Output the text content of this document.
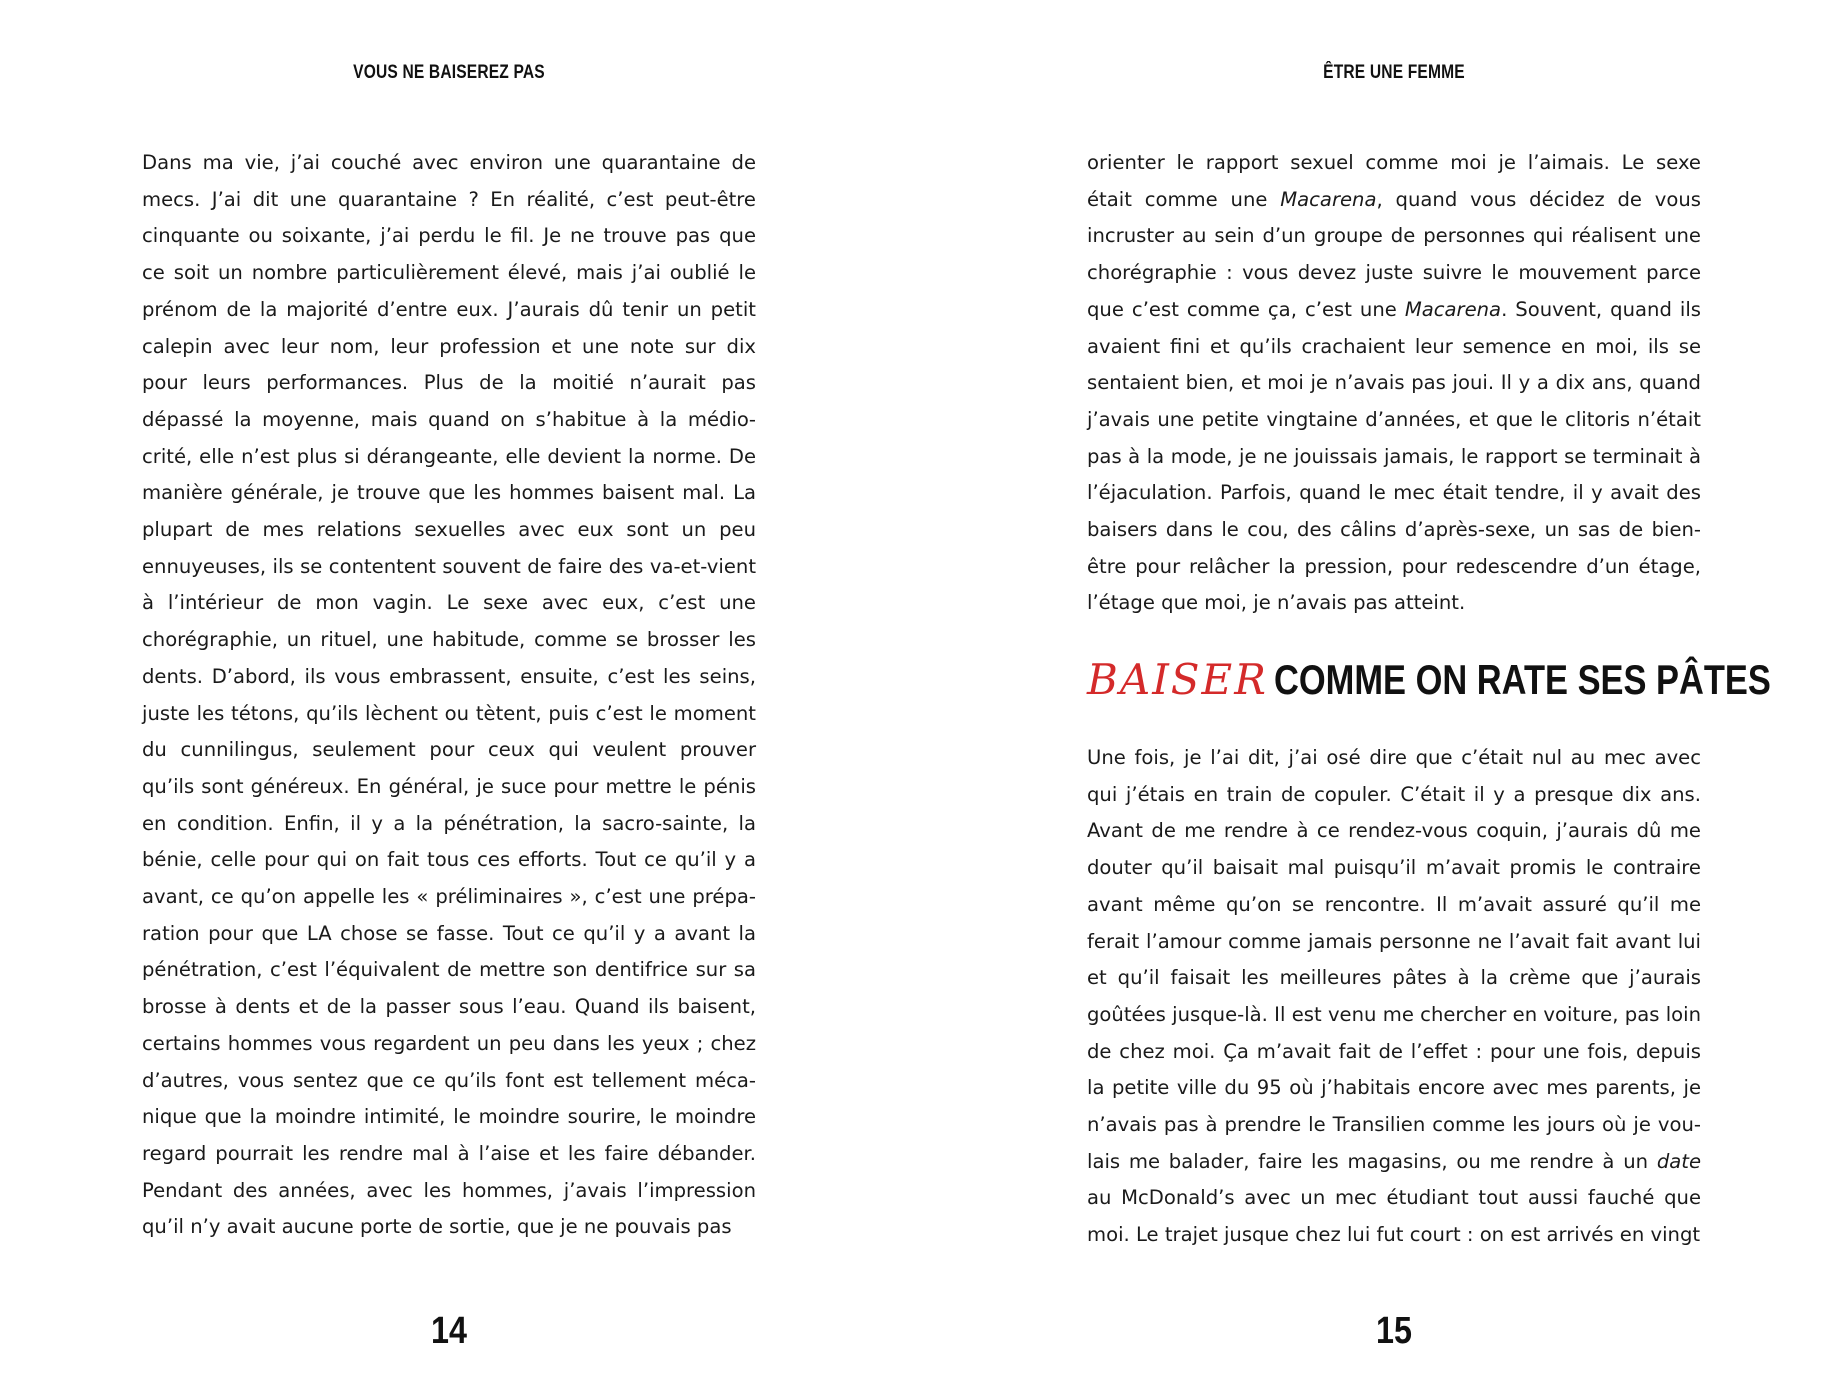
VOUS NE BAISEREZ PAS

Dans ma vie, j’ai couché avec environ une quarantaine de mecs. J’ai dit une quarantaine ? En réalité, c’est peut-être cinquante ou soixante, j’ai perdu le fil. Je ne trouve pas que ce soit un nombre particulièrement élevé, mais j’ai oublié le prénom de la majorité d’entre eux. J’aurais dû tenir un petit calepin avec leur nom, leur profession et une note sur dix pour leurs performances. Plus de la moitié n’aurait pas dépassé la moyenne, mais quand on s’habitue à la médiocrité, elle n’est plus si dérangeante, elle devient la norme. De manière générale, je trouve que les hommes baisent mal. La plupart de mes relations sexuelles avec eux sont un peu ennuyeuses, ils se contentent souvent de faire des va-et-vient à l’intérieur de mon vagin. Le sexe avec eux, c’est une chorégraphie, un rituel, une habitude, comme se brosser les dents. D’abord, ils vous embrassent, ensuite, c’est les seins, juste les tétons, qu’ils lèchent ou tètent, puis c’est le moment du cunnilingus, seulement pour ceux qui veulent prouver qu’ils sont généreux. En général, je suce pour mettre le pénis en condition. Enfin, il y a la pénétration, la sacro-sainte, la bénie, celle pour qui on fait tous ces efforts. Tout ce qu’il y a avant, ce qu’on appelle les « préliminaires », c’est une préparation pour que LA chose se fasse. Tout ce qu’il y a avant la pénétration, c’est l’équivalent de mettre son dentifrice sur sa brosse à dents et de la passer sous l’eau. Quand ils baisent, certains hommes vous regardent un peu dans les yeux ; chez d’autres, vous sentez que ce qu’ils font est tellement mécanique que la moindre intimité, le moindre sourire, le moindre regard pourrait les rendre mal à l’aise et les faire débander. Pendant des années, avec les hommes, j’avais l’impression qu’il n’y avait aucune porte de sortie, que je ne pouvais pas

14
ÊTRE UNE FEMME

orienter le rapport sexuel comme moi je l’aimais. Le sexe était comme une Macarena, quand vous décidez de vous incruster au sein d’un groupe de personnes qui réalisent une chorégraphie : vous devez juste suivre le mouvement parce que c’est comme ça, c’est une Macarena. Souvent, quand ils avaient fini et qu’ils crachaient leur semence en moi, ils se sentaient bien, et moi je n’avais pas joui. Il y a dix ans, quand j’avais une petite vingtaine d’années, et que le clitoris n’était pas à la mode, je ne jouissais jamais, le rapport se terminait à l’éjaculation. Parfois, quand le mec était tendre, il y avait des baisers dans le cou, des câlins d’après-sexe, un sas de bien-être pour relâcher la pression, pour redescendre d’un étage, l’étage que moi, je n’avais pas atteint.

BAISER COMME ON RATE SES PÂTES

Une fois, je l’ai dit, j’ai osé dire que c’était nul au mec avec qui j’étais en train de copuler. C’était il y a presque dix ans. Avant de me rendre à ce rendez-vous coquin, j’aurais dû me douter qu’il baisait mal puisqu’il m’avait promis le contraire avant même qu’on se rencontre. Il m’avait assuré qu’il me ferait l’amour comme jamais personne ne l’avait fait avant lui et qu’il faisait les meilleures pâtes à la crème que j’aurais goûtées jusque-là. Il est venu me chercher en voiture, pas loin de chez moi. Ça m’avait fait de l’effet : pour une fois, depuis la petite ville du 95 où j’habitais encore avec mes parents, je n’avais pas à prendre le Transilien comme les jours où je voulais me balader, faire les magasins, ou me rendre à un date au McDonald’s avec un mec étudiant tout aussi fauché que moi. Le trajet jusque chez lui fut court : on est arrivés en vingt

15
